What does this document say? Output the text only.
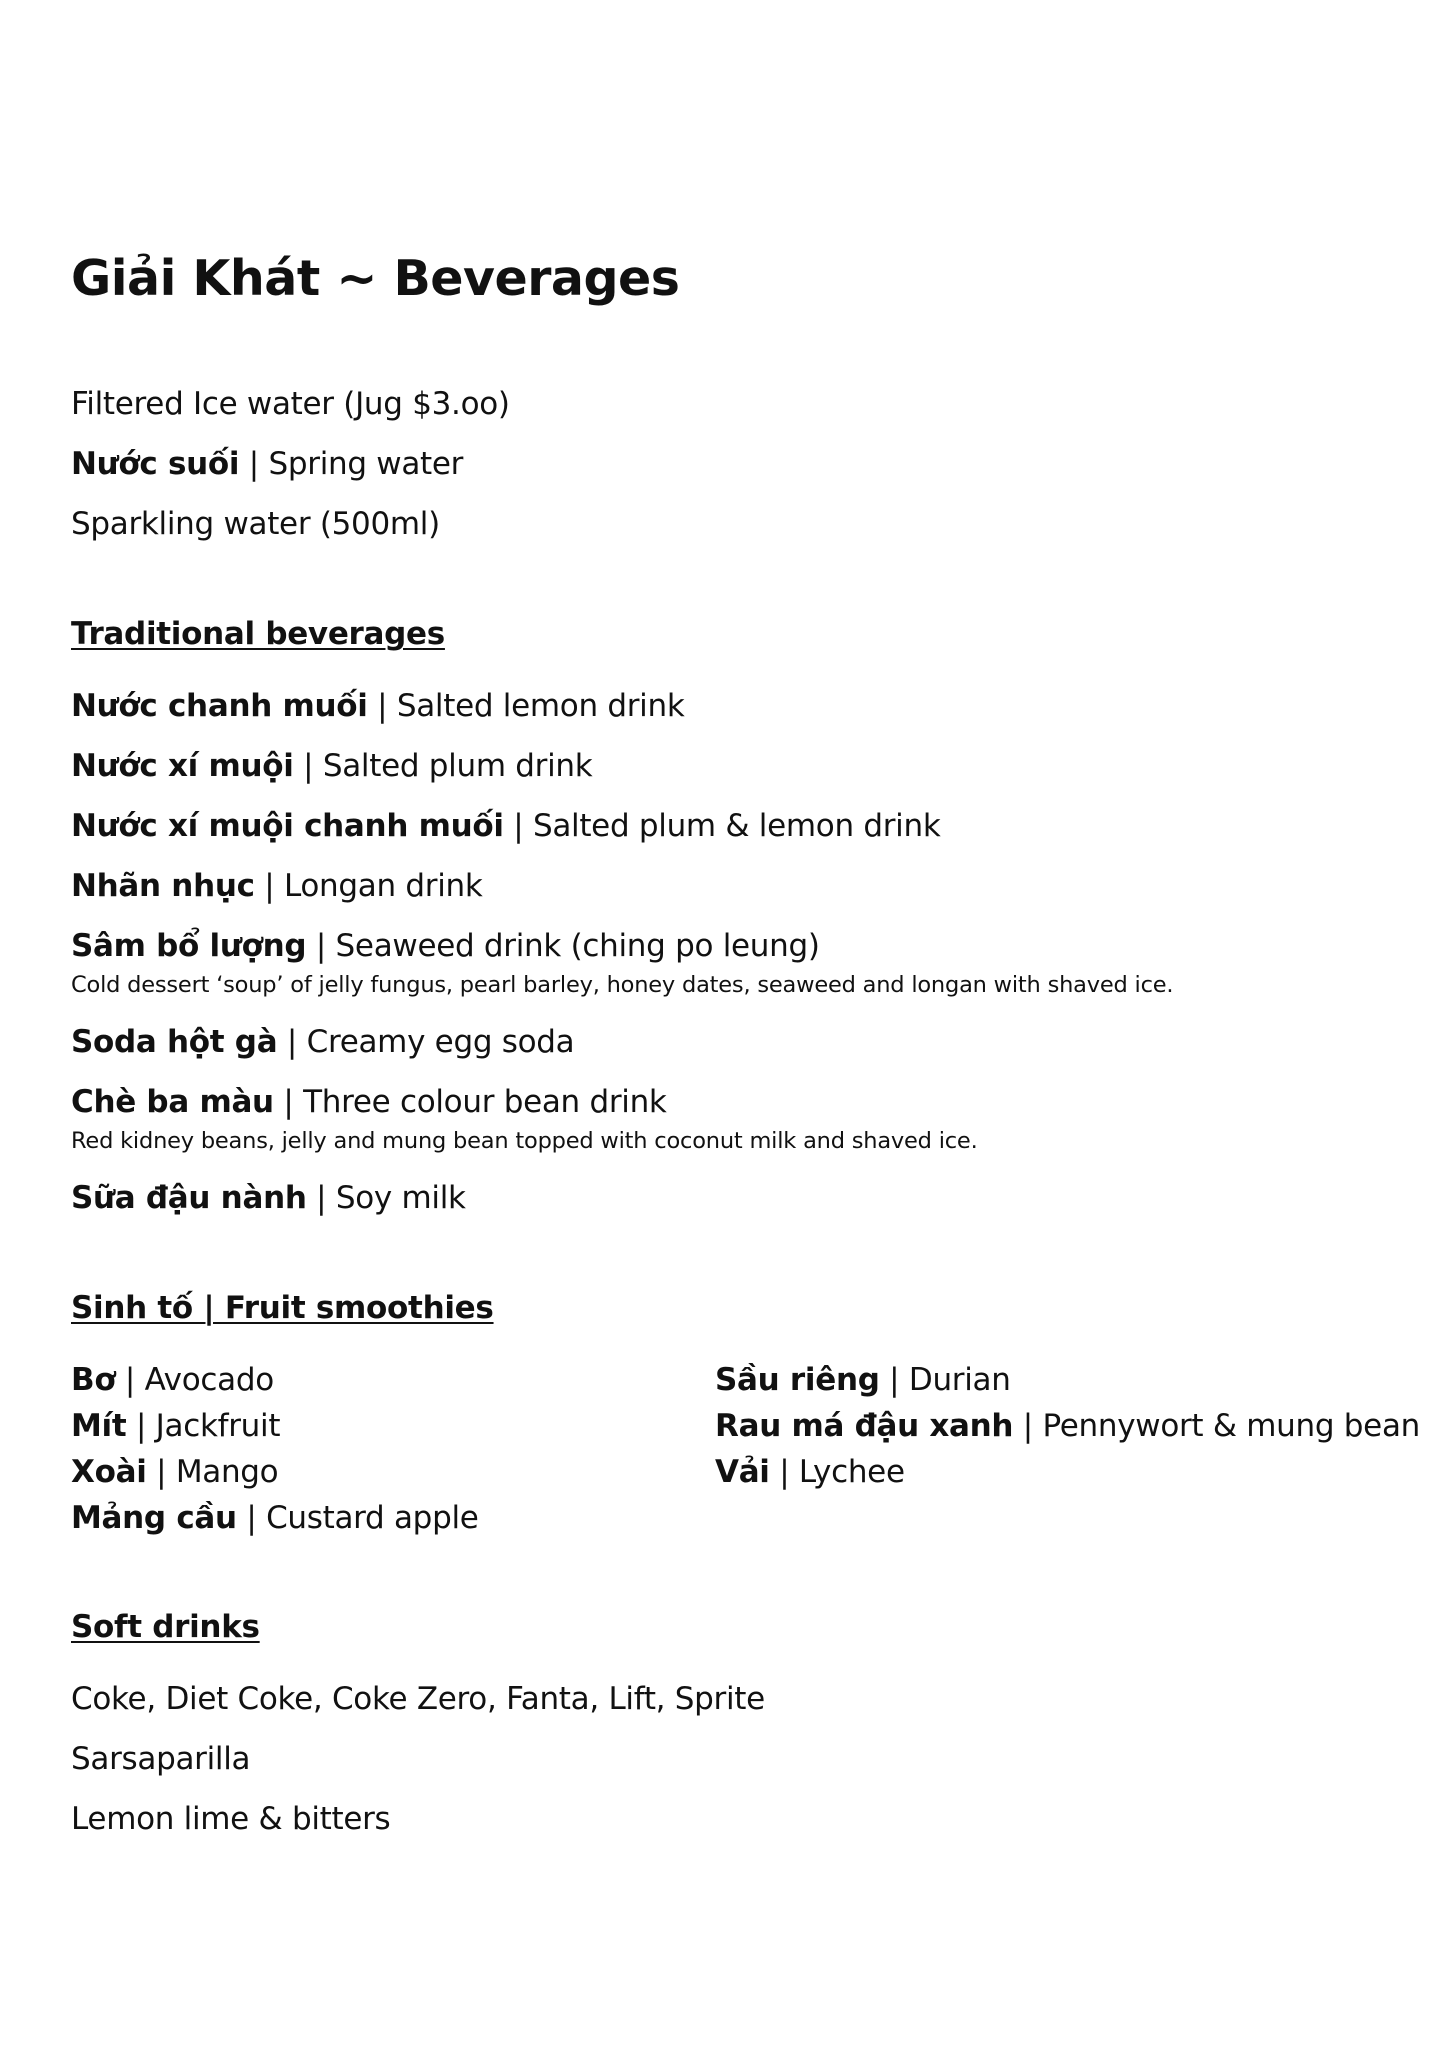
Giải Khát ~ Beverages

Filtered Ice water (Jug $3.oo)

Nước suối | Spring water

Sparkling water (500ml)

Traditional beverages

Nước chanh muối | Salted lemon drink

Nước xí muội | Salted plum drink

Nước xí muội chanh muối | Salted plum & lemon drink

Nhãn nhục | Longan drink

Sâm bổ lượng | Seaweed drink (ching po leung)

Cold dessert ‘soup’ of jelly fungus, pearl barley, honey dates, seaweed and longan with shaved ice.

Soda hột gà | Creamy egg soda

Chè ba màu | Three colour bean drink

Red kidney beans, jelly and mung bean topped with coconut milk and shaved ice.

Sữa đậu nành | Soy milk

Sinh tố | Fruit smoothies

Bơ | Avocado

Mít | Jackfruit

Xoài | Mango

Mảng cầu | Custard apple

Sầu riêng | Durian

Rau má đậu xanh | Pennywort & mung bean

Vải | Lychee

Soft drinks

Coke, Diet Coke, Coke Zero, Fanta, Lift, Sprite

Sarsaparilla

Lemon lime & bitters
